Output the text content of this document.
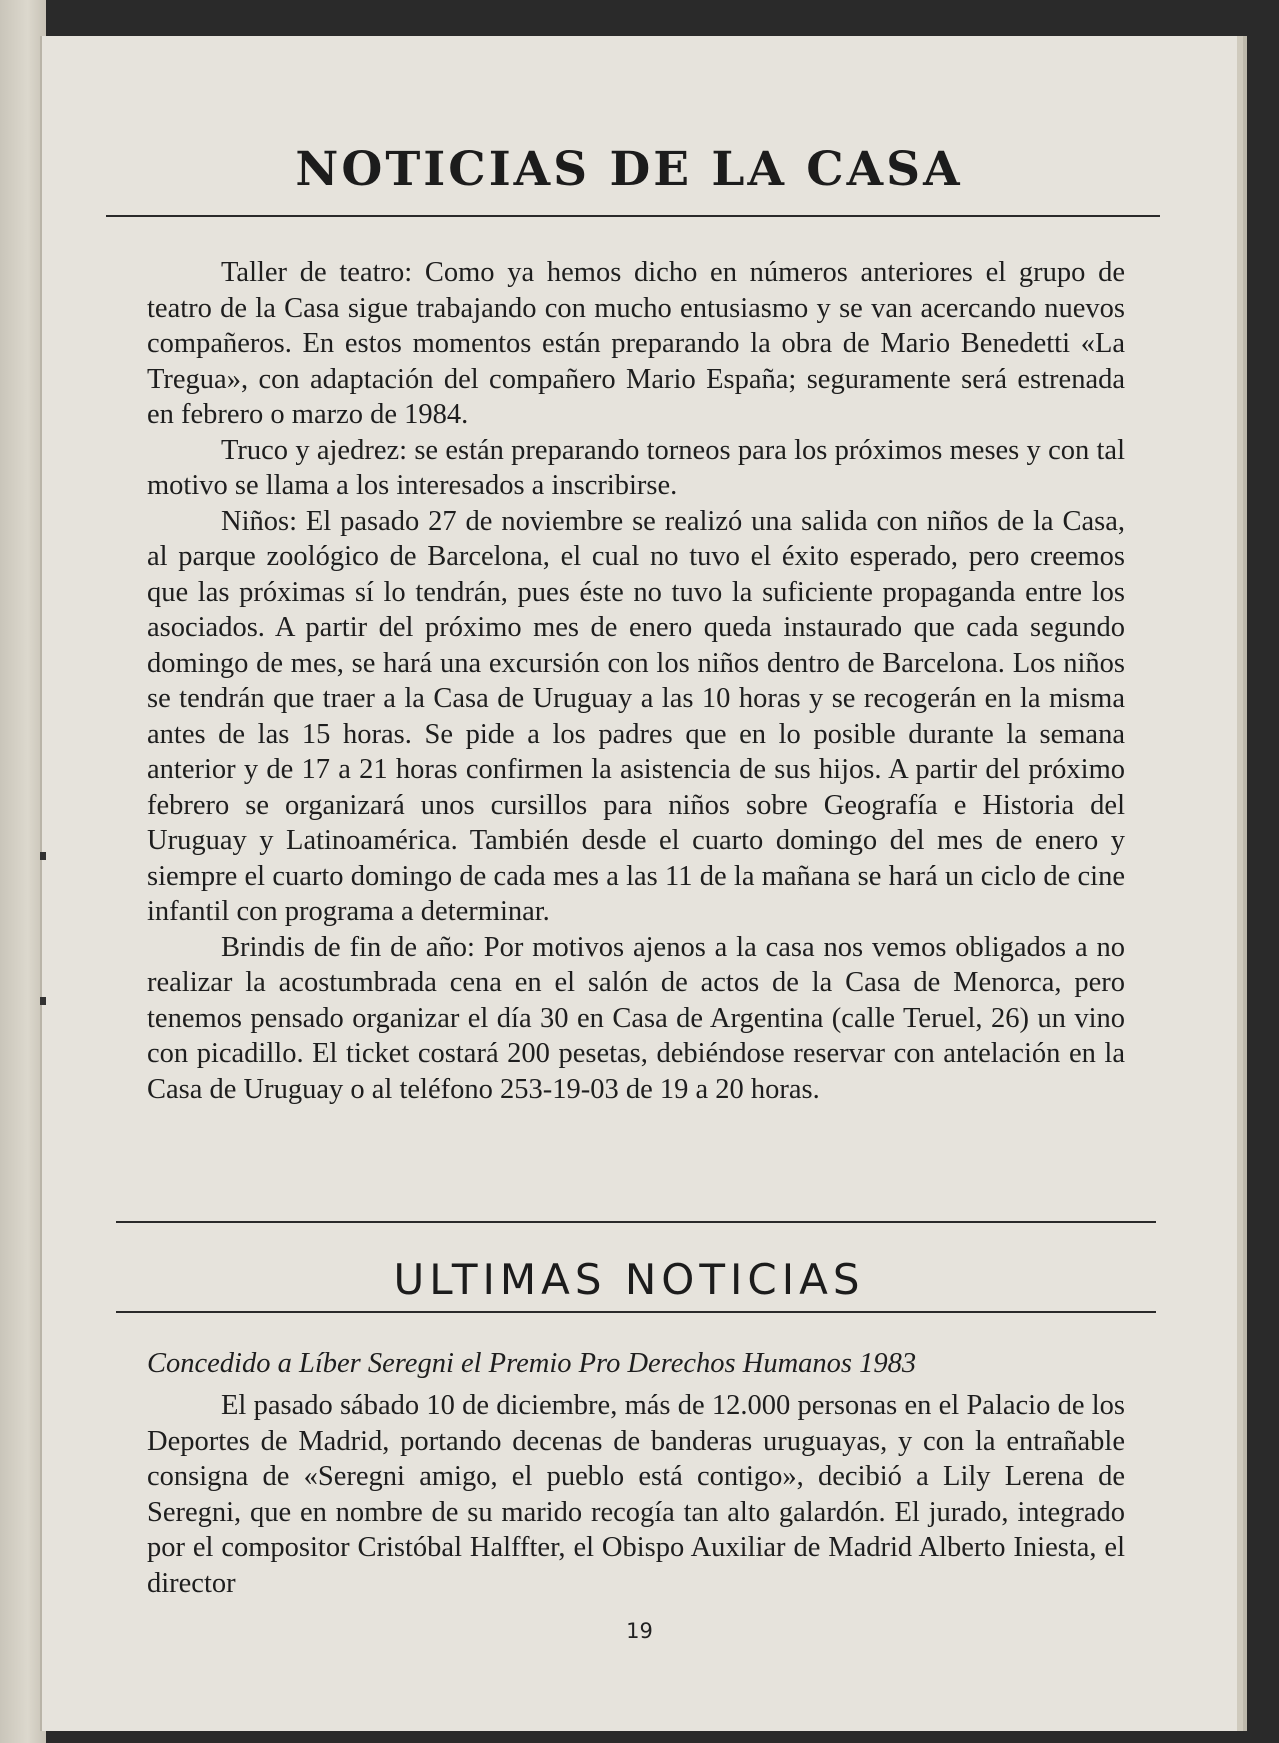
NOTICIAS DE LA CASA

Taller de teatro: Como ya hemos dicho en números anteriores el grupo de teatro de la Casa sigue trabajando con mucho entusiasmo y se van acercando nuevos compañeros. En estos momentos están preparando la obra de Mario Benedetti «La Tregua», con adaptación del compañero Mario España; seguramente será estrenada en febrero o marzo de 1984.

Truco y ajedrez: se están preparando torneos para los próximos meses y con tal motivo se llama a los interesados a inscribirse.

Niños: El pasado 27 de noviembre se realizó una salida con niños de la Casa, al parque zoológico de Barcelona, el cual no tuvo el éxito esperado, pero creemos que las próximas sí lo tendrán, pues éste no tuvo la suficiente propaganda entre los asociados. A partir del próximo mes de enero queda instaurado que cada segundo domingo de mes, se hará una excursión con los niños dentro de Barcelona. Los niños se tendrán que traer a la Casa de Uruguay a las 10 horas y se recogerán en la misma antes de las 15 horas. Se pide a los padres que en lo posible durante la semana anterior y de 17 a 21 horas confirmen la asistencia de sus hijos. A partir del próximo febrero se organizará unos cursillos para niños sobre Geografía e Historia del Uruguay y Latinoamérica. También desde el cuarto domingo del mes de enero y siempre el cuarto domingo de cada mes a las 11 de la mañana se hará un ciclo de cine infantil con programa a determinar.

Brindis de fin de año: Por motivos ajenos a la casa nos vemos obligados a no realizar la acostumbrada cena en el salón de actos de la Casa de Menorca, pero tenemos pensado organizar el día 30 en Casa de Argentina (calle Teruel, 26) un vino con picadillo. El ticket costará 200 pesetas, debiéndose reservar con antelación en la Casa de Uruguay o al teléfono 253-19-03 de 19 a 20 horas.

ULTIMAS NOTICIAS

Concedido a Líber Seregni el Premio Pro Derechos Humanos 1983

El pasado sábado 10 de diciembre, más de 12.000 personas en el Palacio de los Deportes de Madrid, portando decenas de banderas uruguayas, y con la entrañable consigna de «Seregni amigo, el pueblo está contigo», decibió a Lily Lerena de Seregni, que en nombre de su marido recogía tan alto galardón. El jurado, integrado por el compositor Cristóbal Halffter, el Obispo Auxiliar de Madrid Alberto Iniesta, el director

19
